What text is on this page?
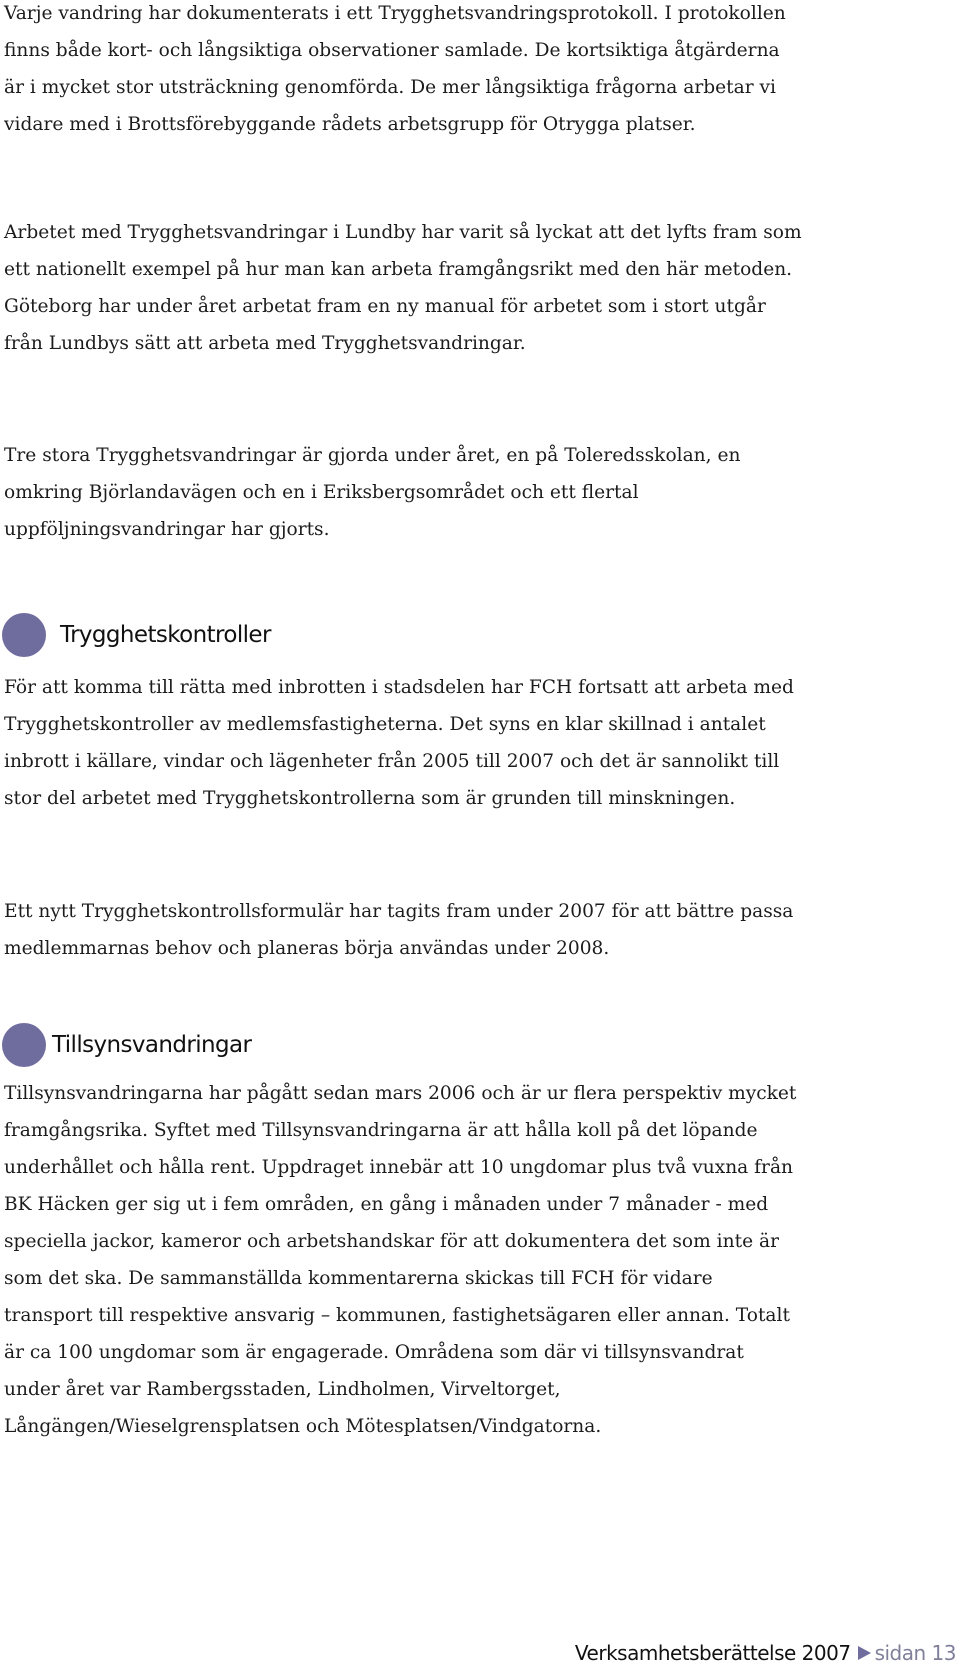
Varje vandring har dokumenterats i ett Trygghetsvandringsprotokoll. I protokollen finns både kort- och långsiktiga observationer samlade. De kortsiktiga åtgärderna är i mycket stor utsträckning genomförda. De mer långsiktiga frågorna arbetar vi vidare med i Brottsförebyggande rådets arbetsgrupp för Otrygga platser.

Arbetet med Trygghetsvandringar i Lundby har varit så lyckat att det lyfts fram som ett nationellt exempel på hur man kan arbeta framgångsrikt med den här metoden. Göteborg har under året arbetat fram en ny manual för arbetet som i stort utgår från Lundbys sätt att arbeta med Trygghetsvandringar.

Tre stora Trygghetsvandringar är gjorda under året, en på Toleredsskolan, en omkring Björlandavägen och en i Eriksbergsområdet och ett flertal uppföljningsvandringar har gjorts.

Trygghetskontroller

För att komma till rätta med inbrotten i stadsdelen har FCH fortsatt att arbeta med Trygghetskontroller av medlemsfastigheterna. Det syns en klar skillnad i antalet inbrott i källare, vindar och lägenheter från 2005 till 2007 och det är sannolikt till stor del arbetet med Trygghetskontrollerna som är grunden till minskningen.

Ett nytt Trygghetskontrollsformulär har tagits fram under 2007 för att bättre passa medlemmarnas behov och planeras börja användas under 2008.

Tillsynsvandringar

Tillsynsvandringarna har pågått sedan mars 2006 och är ur flera perspektiv mycket framgångsrika. Syftet med Tillsynsvandringarna är att hålla koll på det löpande underhållet och hålla rent. Uppdraget innebär att 10 ungdomar plus två vuxna från BK Häcken ger sig ut i fem områden, en gång i månaden under 7 månader - med speciella jackor, kameror och arbetshandskar för att dokumentera det som inte är som det ska. De sammanställda kommentarerna skickas till FCH för vidare transport till respektive ansvarig – kommunen, fastighetsägaren eller annan. Totalt är ca 100 ungdomar som är engagerade. Områdena som där vi tillsynsvandrat under året var Rambergsstaden, Lindholmen, Virveltorget, Långängen/Wieselgrensplatsen och Mötesplatsen/Vindgatorna.

Verksamhetsberättelse 2007 sidan 13
